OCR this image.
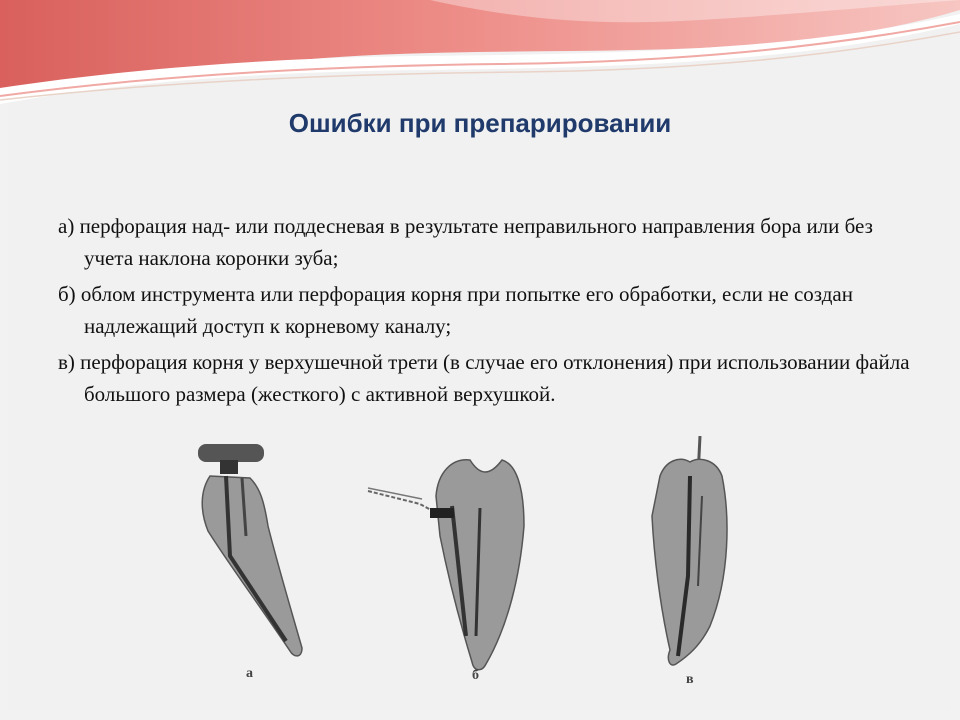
Ошибки при препарировании
а) перфорация над- или поддесневая в результате неправильного направления бора или без учета наклона коронки зуба;
б) облом инструмента или перфорация корня при попытке его обработки, если не создан надлежащий доступ к корневому каналу;
в) перфорация корня у верхушечной трети (в случае его отклонения) при использовании файла большого размера (жесткого) с активной верхушкой.
а	б	в
